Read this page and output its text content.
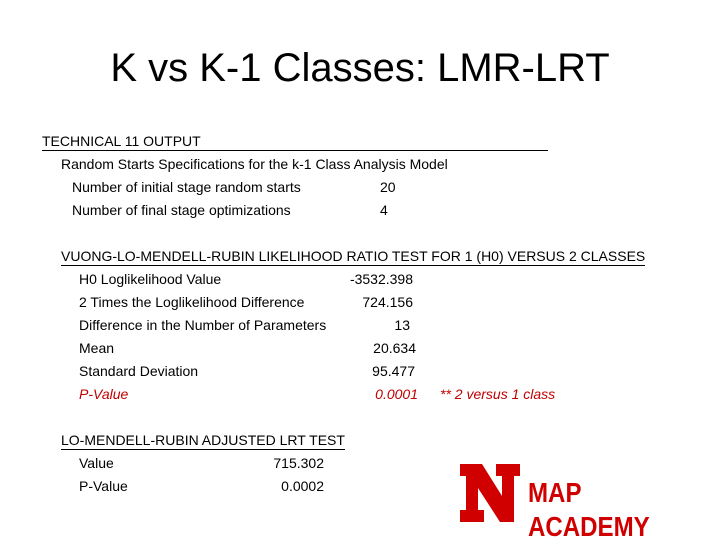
K vs K-1 Classes: LMR-LRT
TECHNICAL 11 OUTPUT
Random Starts Specifications for the k-1 Class Analysis Model
Number of initial stage random starts	20
Number of final stage optimizations	4
VUONG-LO-MENDELL-RUBIN LIKELIHOOD RATIO TEST FOR 1 (H0) VERSUS 2 CLASSES
H0 Loglikelihood Value	-3532.398
2 Times the Loglikelihood Difference	724.156
Difference in the Number of Parameters	13
Mean	20.634
Standard Deviation	95.477
P-Value	0.0001 ** 2 versus 1 class
LO-MENDELL-RUBIN ADJUSTED LRT TEST
Value	715.302
P-Value	0.0002	MAP ACADEMY
